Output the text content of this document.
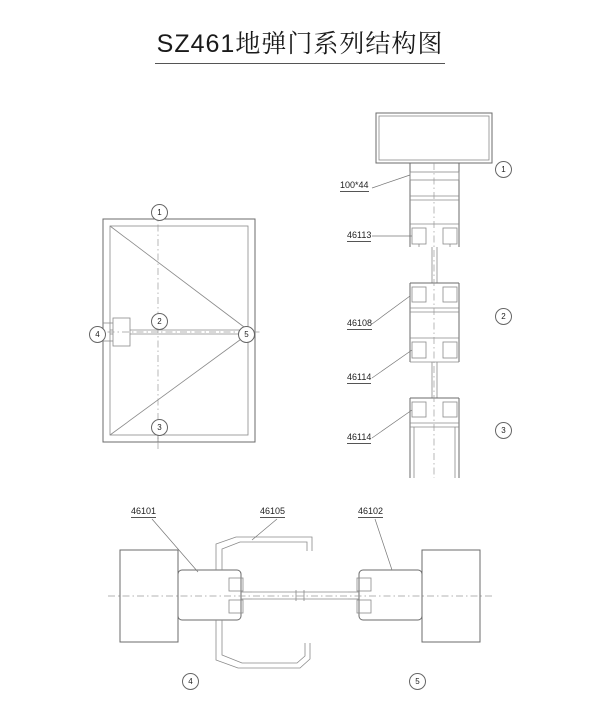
SZ461地弹门系列结构图
100*44
46113
46108
46114
46114
46101	46105	46102
1
2
3
4	5
1
2
3
4	5
